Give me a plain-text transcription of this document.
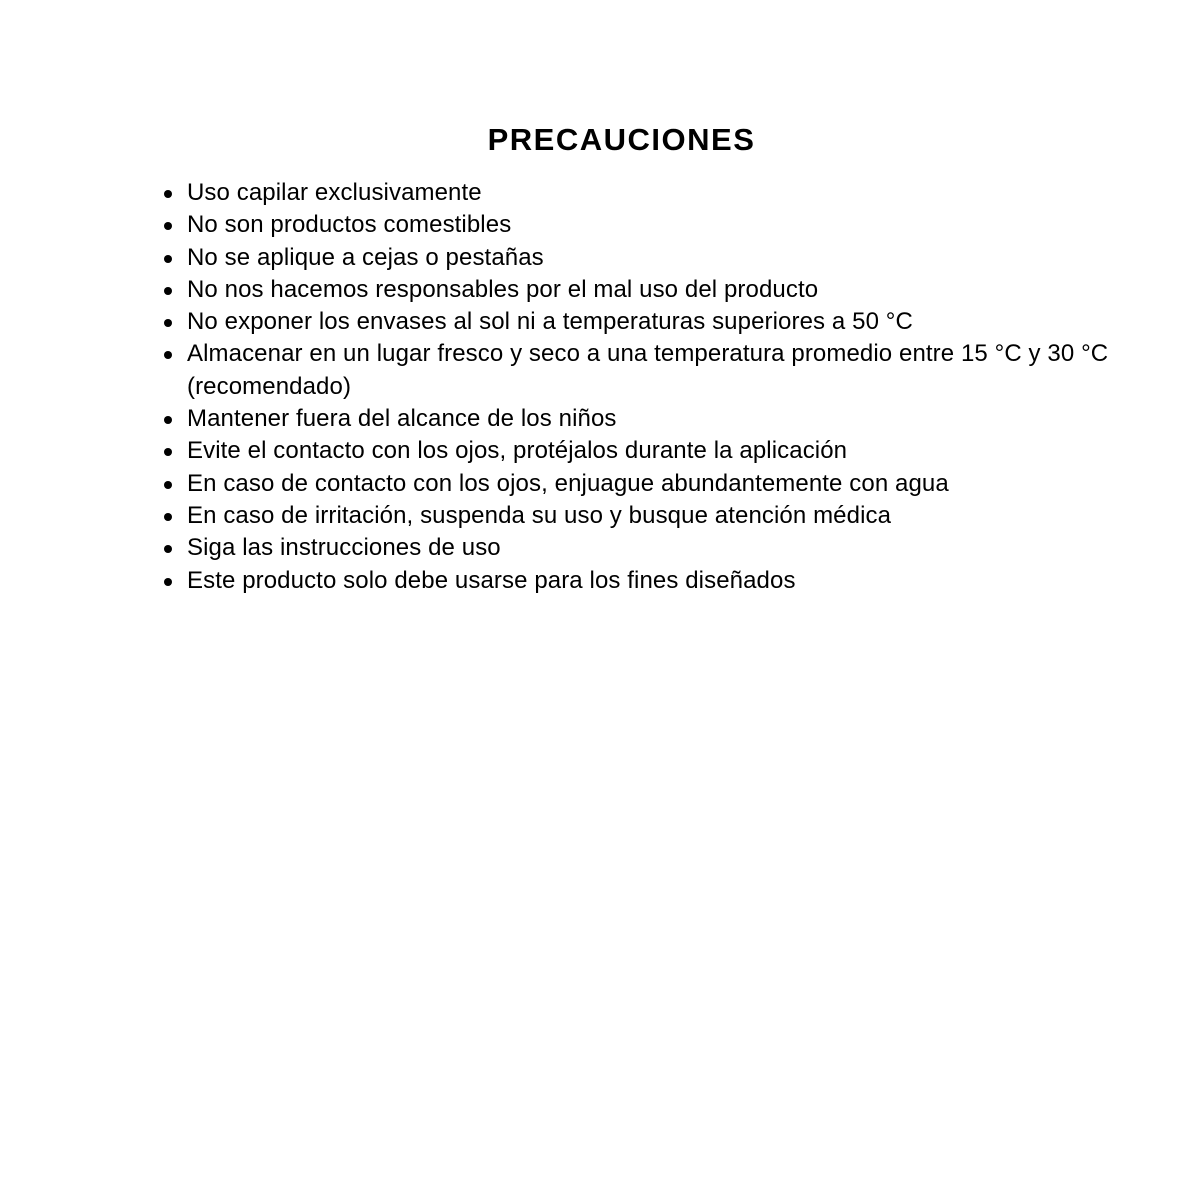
PRECAUCIONES
Uso capilar exclusivamente
No son productos comestibles
No se aplique a cejas o pestañas
No nos hacemos responsables por el mal uso del producto
No exponer los envases al sol ni a temperaturas superiores a 50 °C
Almacenar en un lugar fresco y seco a una temperatura promedio entre 15 °C y 30 °C (recomendado)
Mantener fuera del alcance de los niños
Evite el contacto con los ojos, protéjalos durante la aplicación
En caso de contacto con los ojos, enjuague abundantemente con agua
En caso de irritación, suspenda su uso y busque atención médica
Siga las instrucciones de uso
Este producto solo debe usarse para los fines diseñados
